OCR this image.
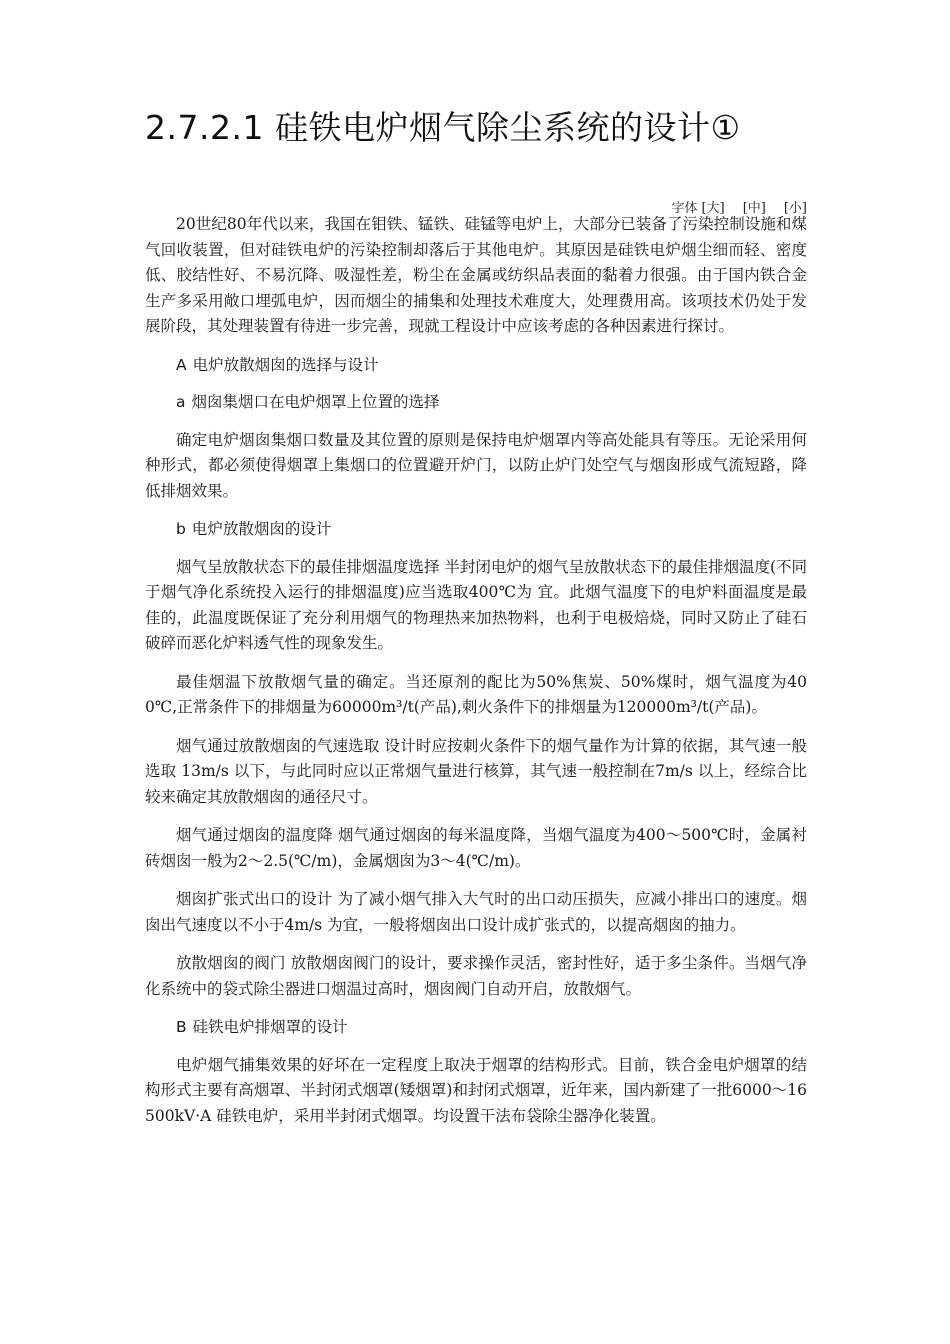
2.7.2.1 硅铁电炉烟气除尘系统的设计①
字体 [大] [中] [小]

20世纪80年代以来，我国在钼铁、锰铁、硅锰等电炉上，大部分已装备了污染控制设施和煤气回收装置，但对硅铁电炉的污染控制却落后于其他电炉。其原因是硅铁电炉烟尘细而轻、密度低、胶结性好、不易沉降、吸湿性差，粉尘在金属或纺织品表面的黏着力很强。由于国内铁合金生产多采用敞口埋弧电炉，因而烟尘的捕集和处理技术难度大，处理费用高。该项技术仍处于发展阶段，其处理装置有待进一步完善，现就工程设计中应该考虑的各种因素进行探讨。

A 电炉放散烟囱的选择与设计

a 烟囱集烟口在电炉烟罩上位置的选择

确定电炉烟囱集烟口数量及其位置的原则是保持电炉烟罩内等高处能具有等压。无论采用何种形式，都必须使得烟罩上集烟口的位置避开炉门，以防止炉门处空气与烟囱形成气流短路，降低排烟效果。

b 电炉放散烟囱的设计

烟气呈放散状态下的最佳排烟温度选择 半封闭电炉的烟气呈放散状态下的最佳排烟温度(不同于烟气净化系统投入运行的排烟温度)应当选取400℃为 宜。此烟气温度下的电炉料面温度是最佳的，此温度既保证了充分利用烟气的物理热来加热物料，也利于电极焙烧，同时又防止了硅石破碎而恶化炉料透气性的现象发生。

最佳烟温下放散烟气量的确定。当还原剂的配比为50%焦炭、50%煤时，烟气温度为400℃,正常条件下的排烟量为60000m³/t(产品),刺火条件下的排烟量为120000m³/t(产品)。

烟气通过放散烟囱的气速选取 设计时应按刺火条件下的烟气量作为计算的依据，其气速一般选取 13m/s 以下，与此同时应以正常烟气量进行核算，其气速一般控制在7m/s 以上，经综合比较来确定其放散烟囱的通径尺寸。

烟气通过烟囱的温度降 烟气通过烟囱的每米温度降，当烟气温度为400～500℃时，金属衬砖烟囱一般为2～2.5(℃/m)，金属烟囱为3～4(℃/m)。

烟囱扩张式出口的设计 为了减小烟气排入大气时的出口动压损失，应减小排出口的速度。烟囱出气速度以不小于4m/s 为宜，一般将烟囱出口设计成扩张式的，以提高烟囱的抽力。

放散烟囱的阀门 放散烟囱阀门的设计，要求操作灵活，密封性好，适于多尘条件。当烟气净化系统中的袋式除尘器进口烟温过高时，烟囱阀门自动开启，放散烟气。

B 硅铁电炉排烟罩的设计

电炉烟气捕集效果的好坏在一定程度上取决于烟罩的结构形式。目前，铁合金电炉烟罩的结构形式主要有高烟罩、半封闭式烟罩(矮烟罩)和封闭式烟罩，近年来，国内新建了一批6000～16500kV·A 硅铁电炉，采用半封闭式烟罩。均设置干法布袋除尘器净化装置。
